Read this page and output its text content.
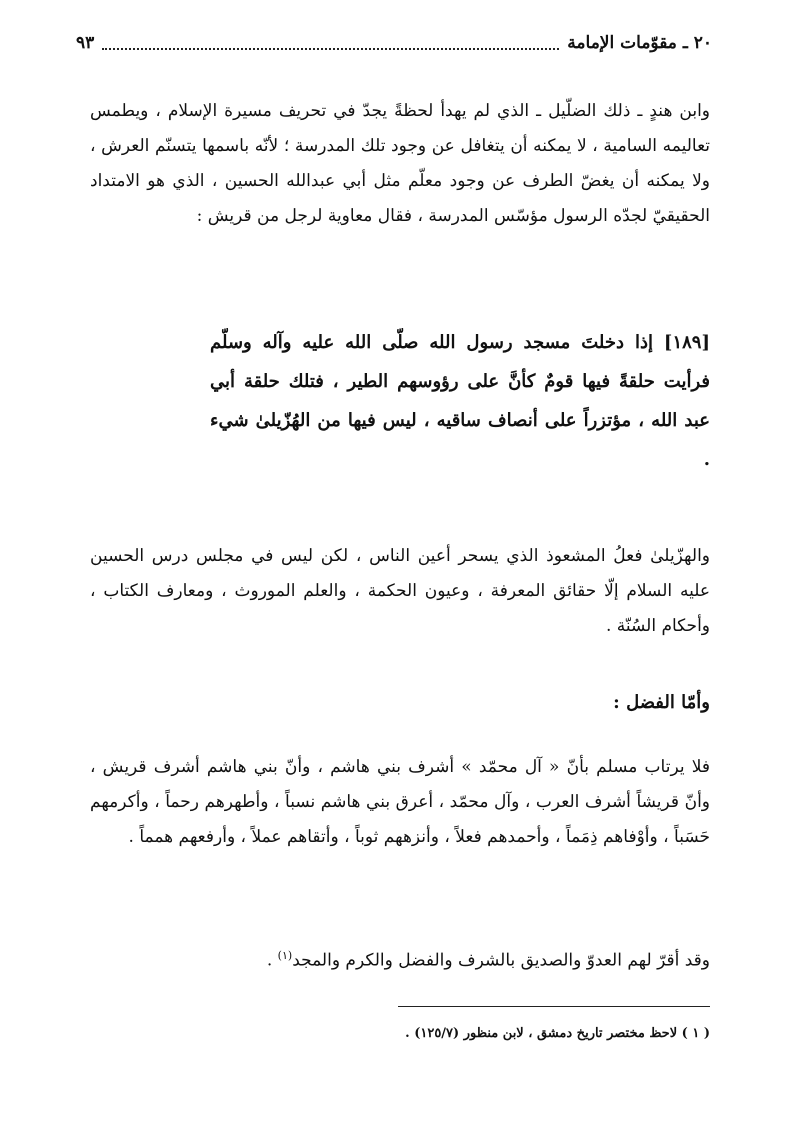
٢٠ ـ مقوّمات الإمامة
٩٣

وابن هندٍ ـ ذلك الضلّيل ـ الذي لم يهدأ لحظةً يجدّ في تحريف مسيرة الإسلام ، ويطمس تعاليمه السامية ، لا يمكنه أن يتغافل عن وجود تلك المدرسة ؛ لأنّه باسمها يتسنّم العرش ، ولا يمكنه أن يغضّ الطرف عن وجود معلّم مثل أبي عبدالله الحسين ، الذي هو الامتداد الحقيقيّ لجدّه الرسول مؤسّس المدرسة ، فقال معاوية لرجل من قريش :

[١٨٩] إذا دخلتَ مسجد رسول الله صلّى الله عليه وآله وسلّم فرأيت حلقةً فيها قومٌ كأنَّ على رؤوسهم الطير ، فتلك حلقة أبي عبد الله ، مؤتزراً على أنصاف ساقيه ، ليس فيها من الهُزّيلىٰ شيء .

والهزّيلىٰ فعلُ المشعوذ الذي يسحر أعين الناس ، لكن ليس في مجلس درس الحسين عليه السلام إلّا حقائق المعرفة ، وعيون الحكمة ، والعلم الموروث ، ومعارف الكتاب ، وأحكام السُنّة .

وأمّا الفضل :

فلا يرتاب مسلم بأنّ « آل محمّد » أشرف بني هاشم ، وأنّ بني هاشم أشرف قريش ، وأنّ قريشاً أشرف العرب ، وآل محمّد ، أعرق بني هاشم نسباً ، وأطهرهم رحماً ، وأكرمهم حَسَباً ، وأوْفاهم ذِمَماً ، وأحمدهم فعلاً ، وأنزههم ثوباً ، وأتقاهم عملاً ، وأرفعهم همماً .

وقد أقرّ لهم العدوّ والصديق بالشرف والفضل والكرم والمجد$^{(١)}$ .

( ١ ) لاحظ مختصر تاريخ دمشق ، لابن منظور (١٢٥/٧) .
